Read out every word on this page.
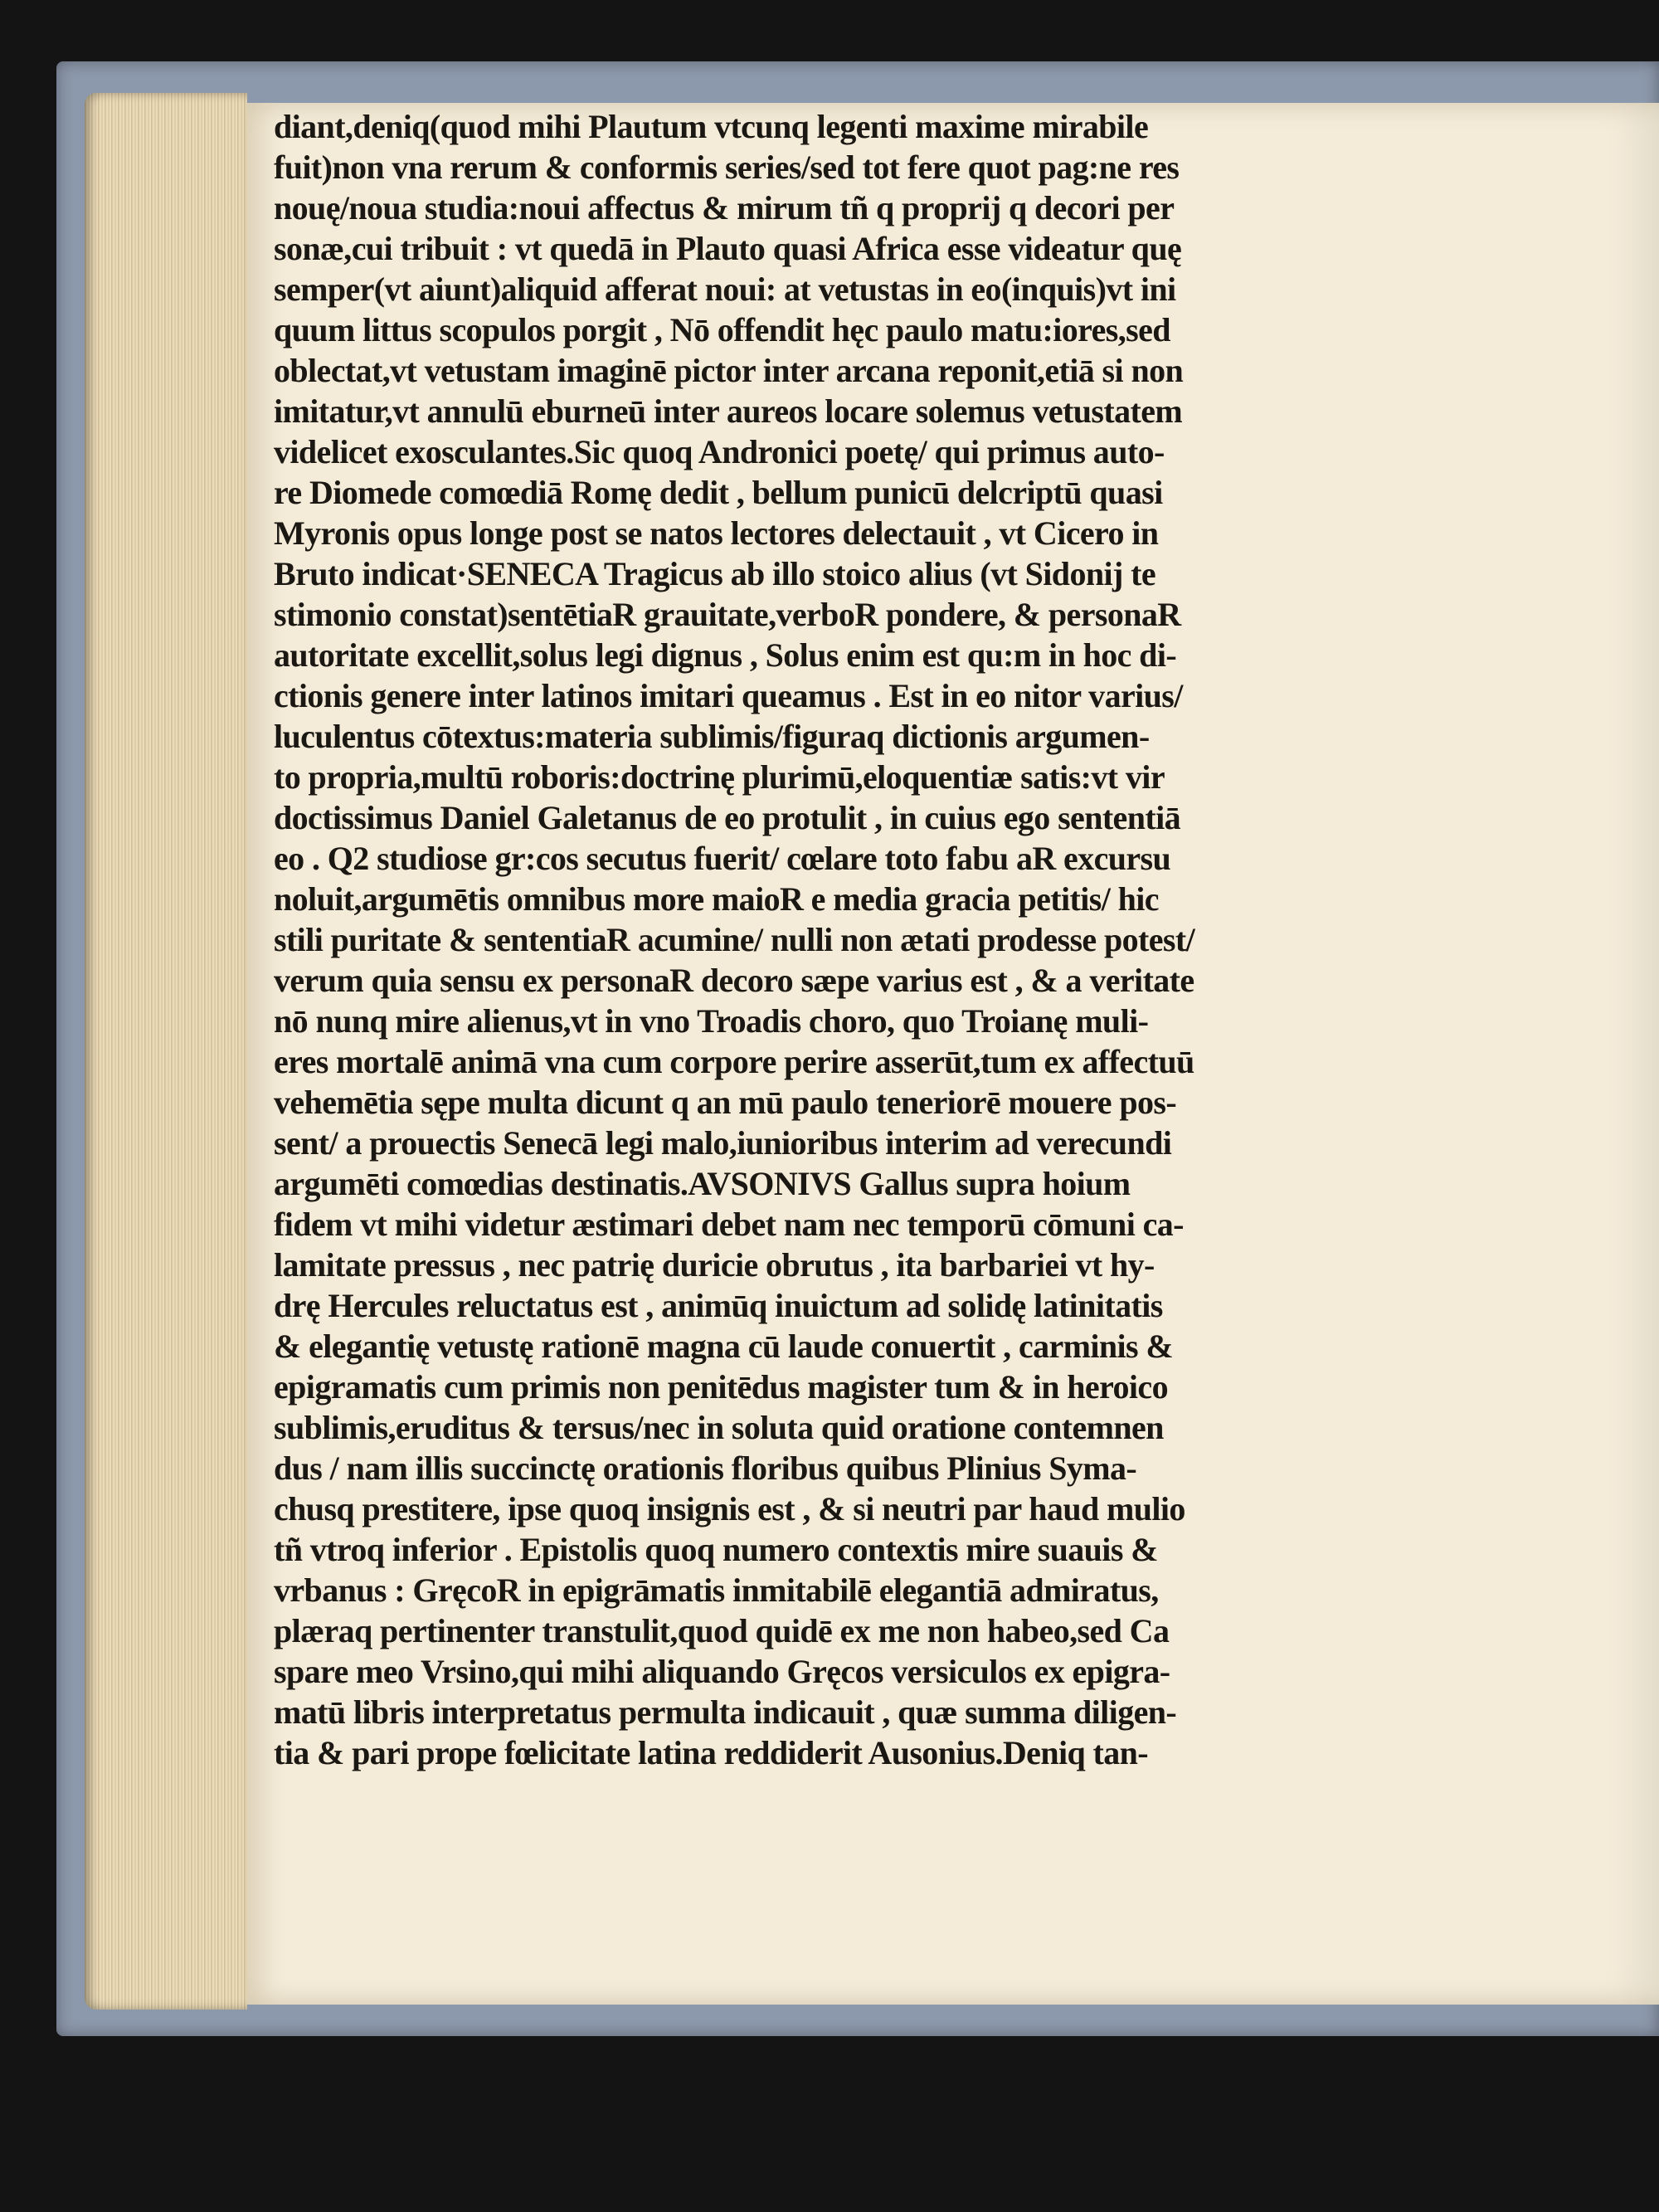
diant,deniq(quod mihi Plautum vtcunq legenti maxime mirabile
fuit)non vna rerum & conformis series/sed tot fere quot pag:ne res
nouę/noua studia:noui affectus & mirum tñ q proprij q decori per
sonæ,cui tribuit : vt quedā in Plauto quasi Africa esse videatur quę
semper(vt aiunt)aliquid afferat noui: at vetustas in eo(inquis)vt ini
quum littus scopulos porgit , Nō offendit hęc paulo matu:iores,sed
oblectat,vt vetustam imaginē pictor inter arcana reponit,etiā si non
imitatur,vt annulū eburneū inter aureos locare solemus vetustatem
videlicet exosculantes.Sic quoq Andronici poetę/ qui primus auto-
re Diomede comœdiā Romę dedit , bellum punicū delcriptū quasi
Myronis opus longe post se natos lectores delectauit , vt Cicero in
Bruto indicat·SENECA Tragicus ab illo stoico alius (vt Sidonij te
stimonio constat)sentētiaR grauitate,verboR pondere, & personaR
autoritate excellit,solus legi dignus , Solus enim est qu:m in hoc di-
ctionis genere inter latinos imitari queamus . Est in eo nitor varius/
luculentus cōtextus:materia sublimis/figuraq dictionis argumen-
to propria,multū roboris:doctrinę plurimū,eloquentiæ satis:vt vir
doctissimus Daniel Galetanus de eo protulit , in cuius ego sententiā
eo . Q2 studiose gr:cos secutus fuerit/ cœlare toto fabu aR excursu
noluit,argumētis omnibus more maioR e media gracia petitis/ hic
stili puritate & sententiaR acumine/ nulli non ætati prodesse potest/
verum quia sensu ex personaR decoro sæpe varius est , & a veritate
nō nunq mire alienus,vt in vno Troadis choro, quo Troianę muli-
eres mortalē animā vna cum corpore perire asserūt,tum ex affectuū
vehemētia sępe multa dicunt q an mū paulo teneriorē mouere pos-
sent/ a prouectis Senecā legi malo,iunioribus interim ad verecundi
argumēti comœdias destinatis.AVSONIVS Gallus supra hoium
fidem vt mihi videtur æstimari debet nam nec temporū cōmuni ca-
lamitate pressus , nec patrię duricie obrutus , ita barbariei vt hy-
drę Hercules reluctatus est , animūq inuictum ad solidę latinitatis
& elegantię vetustę rationē magna cū laude conuertit , carminis &
epigramatis cum primis non penitēdus magister tum & in heroico
sublimis,eruditus & tersus/nec in soluta quid oratione contemnen
dus / nam illis succinctę orationis floribus quibus Plinius Syma-
chusq prestitere, ipse quoq insignis est , & si neutri par haud mulio
tñ vtroq inferior . Epistolis quoq numero contextis mire suauis &
vrbanus : GręcoR in epigrāmatis inmitabilē elegantiā admiratus,
plæraq pertinenter transtulit,quod quidē ex me non habeo,sed Ca
spare meo Vrsino,qui mihi aliquando Gręcos versiculos ex epigra-
matū libris interpretatus permulta indicauit , quæ summa diligen-
tia & pari prope fœlicitate latina reddiderit Ausonius.Deniq tan-
